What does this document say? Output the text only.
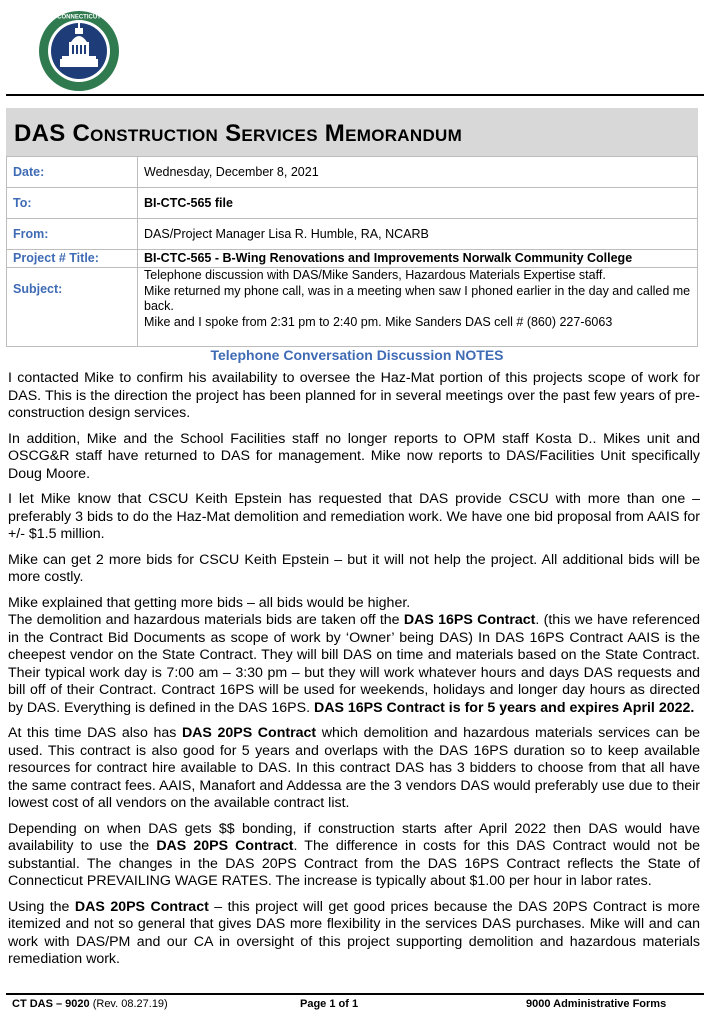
CONNECTICUT
DAS Construction Services Memorandum
Date:	Wednesday, December 8, 2021
To:	BI-CTC-565 file
From:	DAS/Project Manager Lisa R. Humble, RA, NCARB
Project # Title:	BI-CTC-565 - B-Wing Renovations and Improvements Norwalk Community College
Subject:	Telephone discussion with DAS/Mike Sanders, Hazardous Materials Expertise staff.
Mike returned my phone call, was in a meeting when saw I phoned earlier in the day and called me back.
Mike and I spoke from 2:31 pm to 2:40 pm. Mike Sanders DAS cell # (860) 227-6063
Telephone Conversation Discussion NOTES

I contacted Mike to confirm his availability to oversee the Haz-Mat portion of this projects scope of work for DAS. This is the direction the project has been planned for in several meetings over the past few years of pre-construction design services.

In addition, Mike and the School Facilities staff no longer reports to OPM staff Kosta D.. Mikes unit and OSCG&R staff have returned to DAS for management. Mike now reports to DAS/Facilities Unit specifically Doug Moore.

I let Mike know that CSCU Keith Epstein has requested that DAS provide CSCU with more than one – preferably 3 bids to do the Haz-Mat demolition and remediation work. We have one bid proposal from AAIS for +/- $1.5 million.

Mike can get 2 more bids for CSCU Keith Epstein – but it will not help the project. All additional bids will be more costly.

Mike explained that getting more bids – all bids would be higher.

The demolition and hazardous materials bids are taken off the DAS 16PS Contract. (this we have referenced in the Contract Bid Documents as scope of work by ‘Owner’ being DAS) In DAS 16PS Contract AAIS is the cheepest vendor on the State Contract. They will bill DAS on time and materials based on the State Contract. Their typical work day is 7:00 am – 3:30 pm – but they will work whatever hours and days DAS requests and bill off of their Contract. Contract 16PS will be used for weekends, holidays and longer day hours as directed by DAS. Everything is defined in the DAS 16PS. DAS 16PS Contract is for 5 years and expires April 2022.

At this time DAS also has DAS 20PS Contract which demolition and hazardous materials services can be used. This contract is also good for 5 years and overlaps with the DAS 16PS duration so to keep available resources for contract hire available to DAS. In this contract DAS has 3 bidders to choose from that all have the same contract fees. AAIS, Manafort and Addessa are the 3 vendors DAS would preferably use due to their lowest cost of all vendors on the available contract list.

Depending on when DAS gets $$ bonding, if construction starts after April 2022 then DAS would have availability to use the DAS 20PS Contract. The difference in costs for this DAS Contract would not be substantial. The changes in the DAS 20PS Contract from the DAS 16PS Contract reflects the State of Connecticut PREVAILING WAGE RATES. The increase is typically about $1.00 per hour in labor rates.

Using the DAS 20PS Contract – this project will get good prices because the DAS 20PS Contract is more itemized and not so general that gives DAS more flexibility in the services DAS purchases. Mike will and can work with DAS/PM and our CA in oversight of this project supporting demolition and hazardous materials remediation work.

CT DAS – 9020 (Rev. 08.27.19)	Page 1 of 1	9000 Administrative Forms
